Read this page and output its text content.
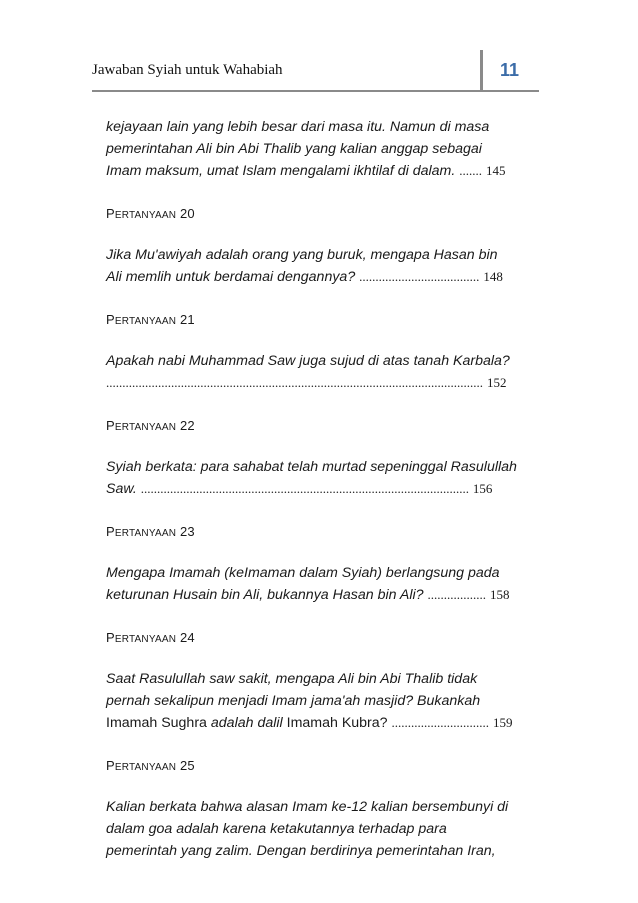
Jawaban Syiah untuk Wahabiah	11

kejayaan lain yang lebih besar dari masa itu. Namun di masa

pemerintahan Ali bin Abi Thalib yang kalian anggap sebagai

Imam maksum, umat Islam mengalami ikhtilaf di dalam. ....... 145

PERTANYAAN 20

Jika Mu'awiyah adalah orang yang buruk, mengapa Hasan bin

Ali memlih untuk berdamai dengannya? ..................................... 148

PERTANYAAN 21

Apakah nabi Muhammad Saw juga sujud di atas tanah Karbala?

.................................................................................................................... 152

PERTANYAAN 22

Syiah berkata: para sahabat telah murtad sepeninggal Rasulullah

Saw. ..................................................................................................... 156

PERTANYAAN 23

Mengapa Imamah (keImaman dalam Syiah) berlangsung pada

keturunan Husain bin Ali, bukannya Hasan bin Ali? .................. 158

PERTANYAAN 24

Saat Rasulullah saw sakit, mengapa Ali bin Abi Thalib tidak

pernah sekalipun menjadi Imam jama'ah masjid? Bukankah

Imamah Sughra adalah dalil Imamah Kubra? .............................. 159

PERTANYAAN 25

Kalian berkata bahwa alasan Imam ke-12 kalian bersembunyi di

dalam goa adalah karena ketakutannya terhadap para

pemerintah yang zalim. Dengan berdirinya pemerintahan Iran,
